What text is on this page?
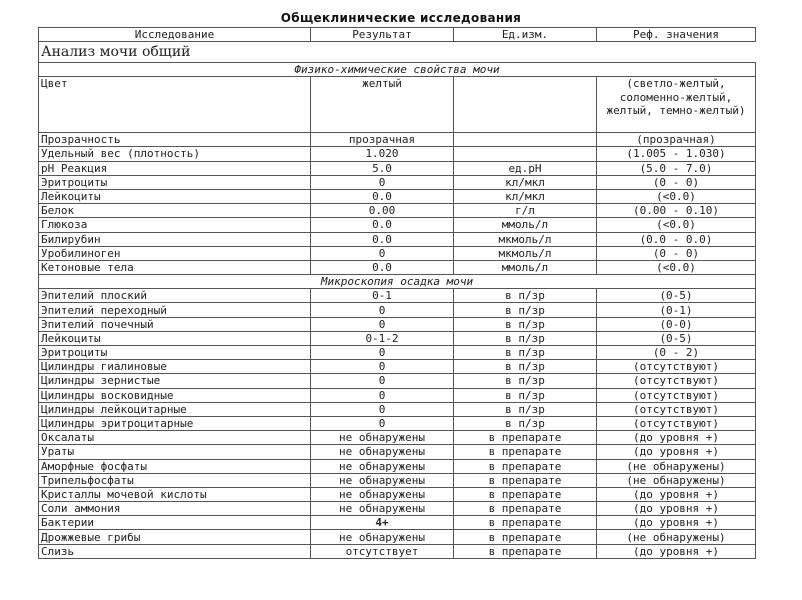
Общеклинические исследования
Исследование	Результат	Ед.изм.	Реф. значения
Анализ мочи общий			
Физико-химические свойства мочи			
Цвет	желтый		(светло-желтый, соломенно-желтый, желтый, темно-желтый)
Прозрачность	прозрачная		(прозрачная)
Удельный вес (плотность)	1.020		(1.005 - 1.030)
pH Реакция	5.0	ед.pH	(5.0 - 7.0)
Эритроциты	0	кл/мкл	(0 - 0)
Лейкоциты	0.0	кл/мкл	(<0.0)
Белок	0.00	г/л	(0.00 - 0.10)
Глюкоза	0.0	ммоль/л	(<0.0)
Билирубин	0.0	мкмоль/л	(0.0 - 0.0)
Уробилиноген	0	мкмоль/л	(0 - 0)
Кетоновые тела	0.0	ммоль/л	(<0.0)
Микроскопия осадка мочи			
Эпителий плоский	0-1	в п/зр	(0-5)
Эпителий переходный	0	в п/зр	(0-1)
Эпителий почечный	0	в п/зр	(0-0)
Лейкоциты	0-1-2	в п/зр	(0-5)
Эритроциты	0	в п/зр	(0 - 2)
Цилиндры гиалиновые	0	в п/зр	(отсутствуют)
Цилиндры зернистые	0	в п/зр	(отсутствуют)
Цилиндры восковидные	0	в п/зр	(отсутствуют)
Цилиндры лейкоцитарные	0	в п/зр	(отсутствуют)
Цилиндры эритроцитарные	0	в п/зр	(отсутствуют)
Оксалаты	не обнаружены	в препарате	(до уровня +)
Ураты	не обнаружены	в препарате	(до уровня +)
Аморфные фосфаты	не обнаружены	в препарате	(не обнаружены)
Трипельфосфаты	не обнаружены	в препарате	(не обнаружены)
Кристаллы мочевой кислоты	не обнаружены	в препарате	(до уровня +)
Соли аммония	не обнаружены	в препарате	(до уровня +)
Бактерии	4+	в препарате	(до уровня +)
Дрожжевые грибы	не обнаружены	в препарате	(не обнаружены)
Слизь	отсутствует	в препарате	(до уровня +)
